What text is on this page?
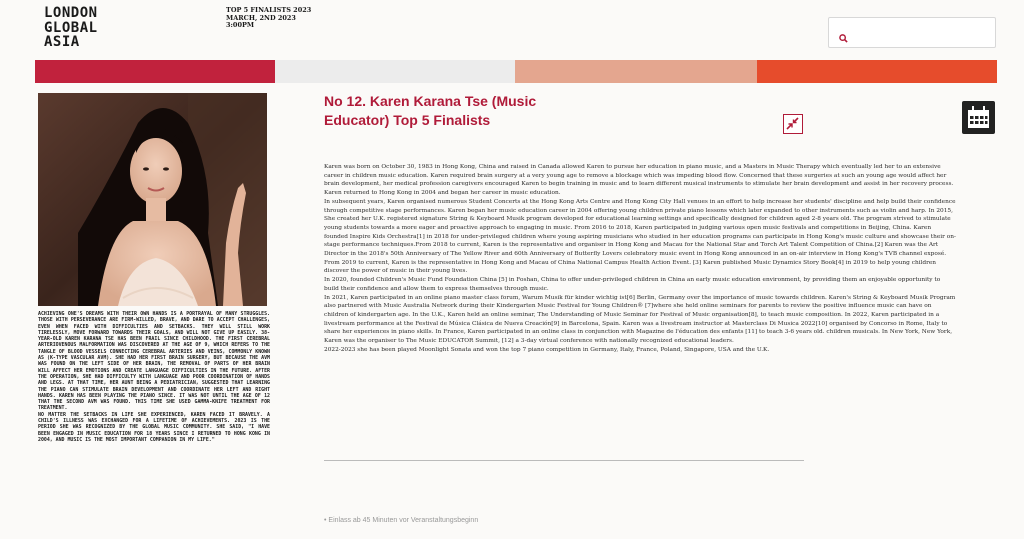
LONDON
GLOBAL
ASIA
TOP 5 FINALISTS 2023
MARCH, 2ND 2023
3:00PM

ACHIEVING ONE'S DREAMS WITH THEIR OWN HANDS IS A PORTRAYAL OF MANY STRUGGLES. THOSE WITH PERSEVERANCE ARE FIRM-WILLED, BRAVE, AND DARE TO ACCEPT CHALLENGES, EVEN WHEN FACED WITH DIFFICULTIES AND SETBACKS. THEY WILL STILL WORK TIRELESSLY, MOVE FORWARD TOWARDS THEIR GOALS, AND WILL NOT GIVE UP EASILY. 38-YEAR-OLD KAREN KARANA TSE HAS BEEN FRAIL SINCE CHILDHOOD. THE FIRST CEREBRAL ARTERIOVENOUS MALFORMATION WAS DISCOVERED AT THE AGE OF 9, WHICH REFERS TO THE TANGLE OF BLOOD VESSELS CONNECTING CEREBRAL ARTERIES AND VEINS, COMMONLY KNOWN AS (K-TYPE VASCULAR AVM). SHE HAD HER FIRST BRAIN SURGERY, BUT BECAUSE THE AVM WAS FOUND ON THE LEFT SIDE OF HER BRAIN, THE REMOVAL OF PARTS OF HER BRAIN WILL AFFECT HER EMOTIONS AND CREATE LANGUAGE DIFFICULTIES IN THE FUTURE. AFTER THE OPERATION, SHE HAD DIFFICULTY WITH LANGUAGE AND POOR COORDINATION OF HANDS AND LEGS. AT THAT TIME, HER AUNT BEING A PEDIATRICIAN, SUGGESTED THAT LEARNING THE PIANO CAN STIMULATE BRAIN DEVELOPMENT AND COORDINATE HER LEFT AND RIGHT HANDS. KAREN HAS BEEN PLAYING THE PIANO SINCE. IT WAS NOT UNTIL THE AGE OF 12 THAT THE SECOND AVM WAS FOUND. THIS TIME SHE USED GAMMA-KNIFE TREATMENT FOR TREATMENT.

NO MATTER THE SETBACKS IN LIFE SHE EXPERIENCED, KAREN FACED IT BRAVELY. A CHILD'S ILLNESS WAS EXCHANGED FOR A LIFETIME OF ACHIEVEMENTS. 2023 IS THE PERIOD SHE WAS RECOGNIZED BY THE GLOBAL MUSIC COMMUNITY. SHE SAID, "I HAVE BEEN ENGAGED IN MUSIC EDUCATION FOR 18 YEARS SINCE I RETURNED TO HONG KONG IN 2004, AND MUSIC IS THE MOST IMPORTANT COMPANION IN MY LIFE."

No 12. Karen Karana Tse (Music Educator) Top 5 Finalists

Karen was born on October 30, 1983 in Hong Kong, China and raised in Canada allowed Karen to pursue her education in piano music, and a Masters in Music Therapy which eventually led her to an extensive career in children music education. Karen required brain surgery at a very young age to remove a blockage which was impeding blood flow. Concerned that these surgeries at such an young age would affect her brain development, her medical profession caregivers encouraged Karen to begin training in music and to learn different musical instruments to stimulate her brain development and assist in her recovery process. Karen returned to Hong Kong in 2004 and began her career in music education.

In subsequent years, Karen organised numerous Student Concerts at the Hong Kong Arts Centre and Hong Kong City Hall venues in an effort to help increase her students' discipline and help build their confidence through competitive stage performances. Karen began her music education career in 2004 offering young children private piano lessons which later expanded to other instruments such as violin and harp. In 2015, She created her U.K. registered signature String & Keyboard Musik program developed for educational learning settings and specifically designed for children aged 2-8 years old. The program strived to stimulate young students towards a more eager and proactive approach to engaging in music. From 2016 to 2018, Karen participated in judging various open music festivals and competitions in Beijing, China. Karen founded Inspire Kids Orchestra[1] in 2018 for under-privileged children where young aspiring musicians who studied in her education programs can participate in Hong Kong's music culture and showcase their on-stage performance techniques.From 2018 to current, Karen is the representative and organiser in Hong Kong and Macau for the National Star and Torch Art Talent Competition of China.[2] Karen was the Art Director in the 2018's 50th Anniversary of The Yellow River and 60th Anniversary of Butterfly Lovers celebratory music event in Hong Kong announced in an on-air interview in Hong Kong's TVB channel exposé. From 2019 to current, Karen is the representative in Hong Kong and Macau of China National Campus Health Action Event. [3] Karen published Music Dynamics Story Book[4] in 2019 to help young children discover the power of music in their young lives.

In 2020, founded Children's Music Fund Foundation China [5] in Foshan, China to offer under-privileged children in China an early music education environment, by providing them an enjoyable opportunity to build their confidence and allow them to express themselves through music.

In 2021, Karen participated in an online piano master class forum, Warum Musik für kinder wichtig ist[6] Berlin, Germany over the importance of music towards children. Karen's String & Keyboard Musik Program also partnered with Music Australia Network during their Kindergarten Music Festival for Young Children® [7]where she held online seminars for parents to review the positive influence music can have on children of kindergarten age. In the U.K., Karen held an online seminar, The Understanding of Music Seminar for Festival of Music organisation[8], to teach music composition. In 2022, Karen participated in a livestream performance at the Festival de Música Clásica de Nueva Creación[9] in Barcelona, Spain. Karen was a livestream instructor at Masterclass Di Musica 2022[10] organised by Concorso in Rome, Italy to share her experiences in piano skills. In France, Karen participated in an online class in conjunction with Magazine de l'éducation des enfants [11] to teach 3-6 years old. children musicals. In New York, New York, Karen was the organiser to The Music EDUCATOR Summit, [12] a 3-day virtual conference with nationally recognized educational leaders.

2022-2023 she has been played Moonlight Sonata and won the top 7 piano competition in Germany, Italy, France, Poland, Singapore, USA and the U.K.

• Einlass ab 45 Minuten vor Veranstaltungsbeginn
